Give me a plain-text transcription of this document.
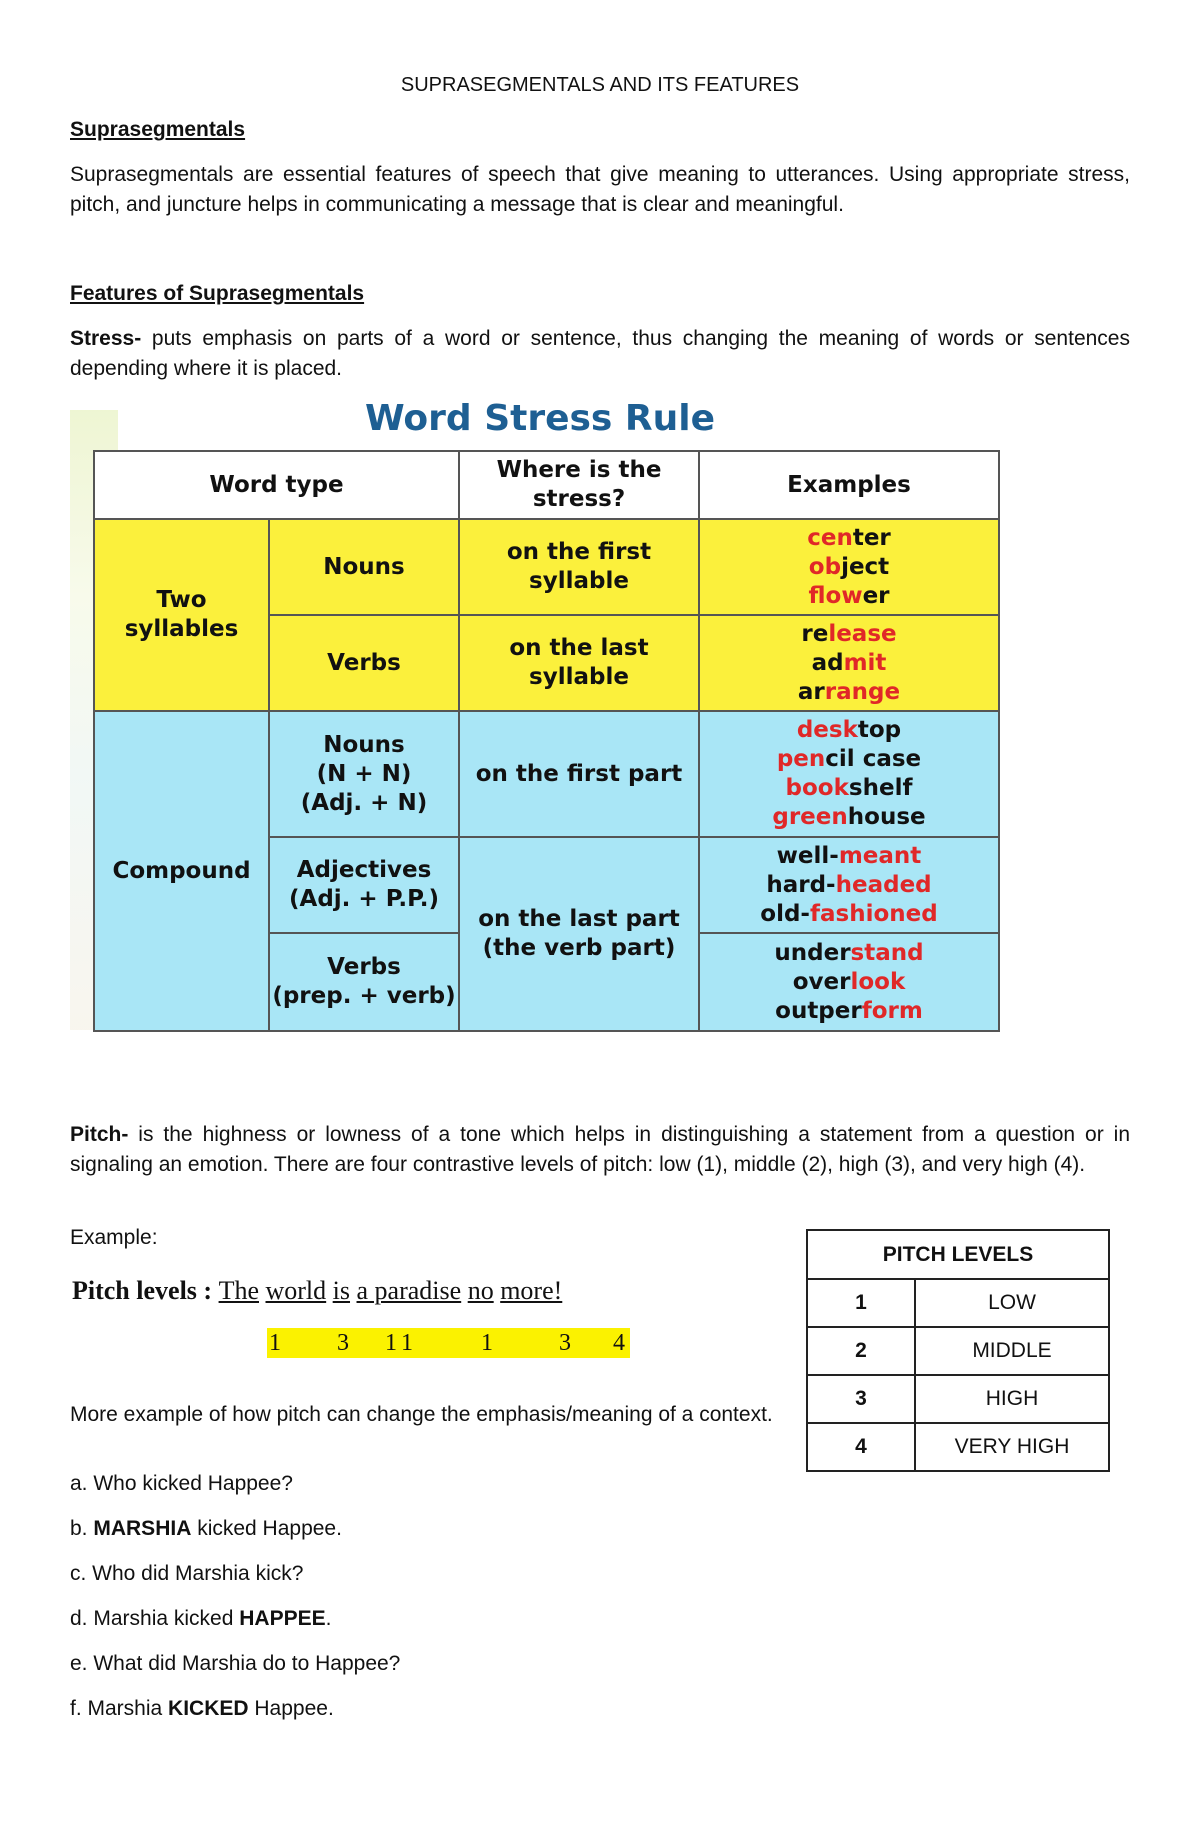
SUPRASEGMENTALS AND ITS FEATURES
Suprasegmentals
Suprasegmentals are essential features of speech that give meaning to utterances. Using appropriate stress, pitch, and juncture helps in communicating a message that is clear and meaningful.
Features of Suprasegmentals
Stress- puts emphasis on parts of a word or sentence, thus changing the meaning of words or sentences depending where it is placed.
Word Stress Rule
Word type		Where is the stress?	Examples
Two syllables	Nouns	on the first syllable	center
object
flower

	Verbs	on the last syllable	release
admit
arrange

Compound	Nouns
(N + N)
(Adj. + N)	on the first part	desktop
pencil case
bookshelf
greenhouse

	Adjectives
(Adj. + P.P.)	on the last part
(the verb part)	well-meant
hard-headed
old-fashioned

	Verbs
(prep. + verb)		understand
overlook
outperform
Pitch- is the highness or lowness of a tone which helps in distinguishing a statement from a question or in signaling an emotion. There are four contrastive levels of pitch: low (1), middle (2), high (3), and very high (4).
Example:
Pitch levels : The world is a paradise no more!
1 3 1 1	1	3 4
More example of how pitch can change the emphasis/meaning of a context.
PITCH LEVELS	
1	LOW
2	MIDDLE
3	HIGH
4	VERY HIGH
a. Who kicked Happee?
b. MARSHIA kicked Happee.
c. Who did Marshia kick?
d. Marshia kicked HAPPEE.
e. What did Marshia do to Happee?
f. Marshia KICKED Happee.
